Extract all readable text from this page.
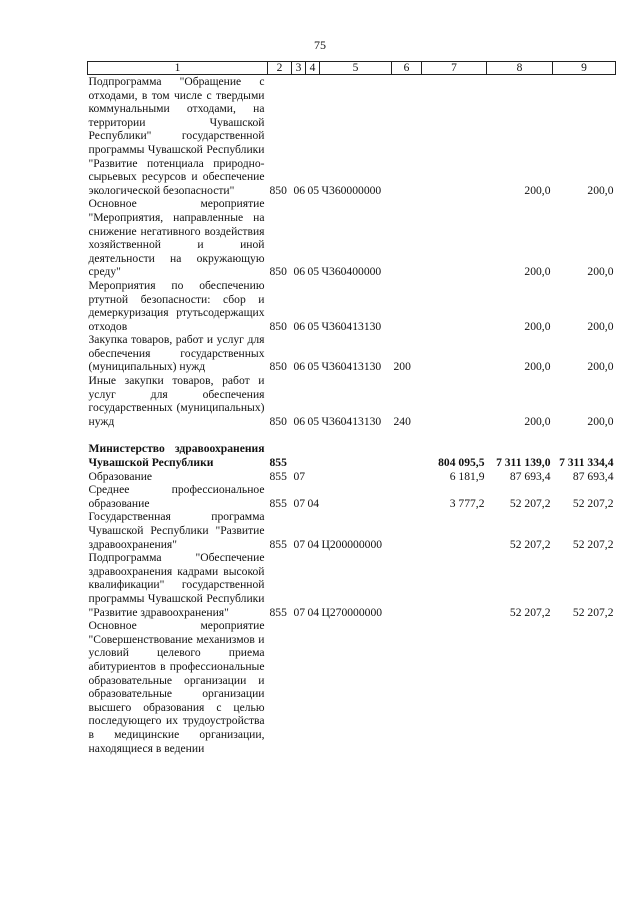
75
1	2	3	4	5	6	7	8	9
Подпрограмма "Обращение с отходами, в том числе с твердыми коммунальными отходами, на территории Чувашской Республики" государственной программы Чувашской Республики "Развитие потенциала природно-сырьевых ресурсов и обеспечение экологической безопасности"	850	06	05	Ч360000000			200,0	200,0
Основное мероприятие "Мероприятия, направленные на снижение негативного воздействия хозяйственной и иной деятельности на окружающую среду"	850	06	05	Ч360400000			200,0	200,0
Мероприятия по обеспечению ртутной безопасности: сбор и демеркуризация ртутьсодержащих отходов	850	06	05	Ч360413130			200,0	200,0
Закупка товаров, работ и услуг для обеспечения государственных (муниципальных) нужд	850	06	05	Ч360413130	200		200,0	200,0
Иные закупки товаров, работ и услуг для обеспечения государственных (муниципальных) нужд	850	06	05	Ч360413130	240		200,0	200,0

Министерство здравоохранения Чувашской Республики	855					804 095,5	7 311 139,0	7 311 334,4
Образование	855	07				6 181,9	87 693,4	87 693,4
Среднее профессиональное образование	855	07	04			3 777,2	52 207,2	52 207,2
Государственная программа Чувашской Республики "Развитие здравоохранения"	855	07	04	Ц200000000			52 207,2	52 207,2
Подпрограмма "Обеспечение здравоохранения кадрами высокой квалификации" государственной программы Чувашской Республики "Развитие здравоохранения"	855	07	04	Ц270000000			52 207,2	52 207,2
Основное мероприятие "Совершенствование механизмов и условий целевого приема абитуриентов в профессиональные образовательные организации и образовательные организации высшего образования с целью последующего их трудоустройства в медицинские организации, находящиеся в ведении								
